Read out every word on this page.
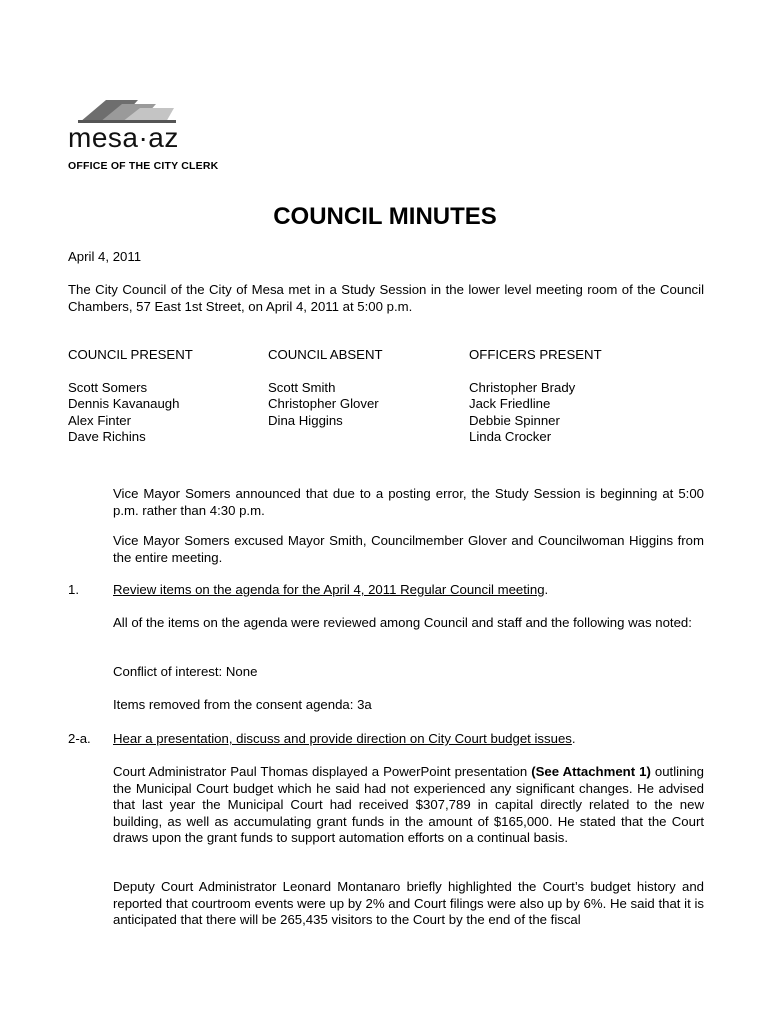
mesa·az
OFFICE OF THE CITY CLERK
COUNCIL MINUTES
April 4, 2011
The City Council of the City of Mesa met in a Study Session in the lower level meeting room of the Council Chambers, 57 East 1st Street, on April 4, 2011 at 5:00 p.m.
COUNCIL PRESENT
Scott Somers
Dennis Kavanaugh
Alex Finter
Dave Richins
COUNCIL ABSENT
Scott Smith
Christopher Glover
Dina Higgins
OFFICERS PRESENT
Christopher Brady
Jack Friedline
Debbie Spinner
Linda Crocker
Vice Mayor Somers announced that due to a posting error, the Study Session is beginning at 5:00 p.m. rather than 4:30 p.m.
Vice Mayor Somers excused Mayor Smith, Councilmember Glover and Councilwoman Higgins from the entire meeting.
1.	Review items on the agenda for the April 4, 2011 Regular Council meeting.
All of the items on the agenda were reviewed among Council and staff and the following was noted:
Conflict of interest: None
Items removed from the consent agenda: 3a
2-a. Hear a presentation, discuss and provide direction on City Court budget issues.
Court Administrator Paul Thomas displayed a PowerPoint presentation (See Attachment 1) outlining the Municipal Court budget which he said had not experienced any significant changes. He advised that last year the Municipal Court had received $307,789 in capital directly related to the new building, as well as accumulating grant funds in the amount of $165,000. He stated that the Court draws upon the grant funds to support automation efforts on a continual basis.
Deputy Court Administrator Leonard Montanaro briefly highlighted the Court’s budget history and reported that courtroom events were up by 2% and Court filings were also up by 6%. He said that it is anticipated that there will be 265,435 visitors to the Court by the end of the fiscal
